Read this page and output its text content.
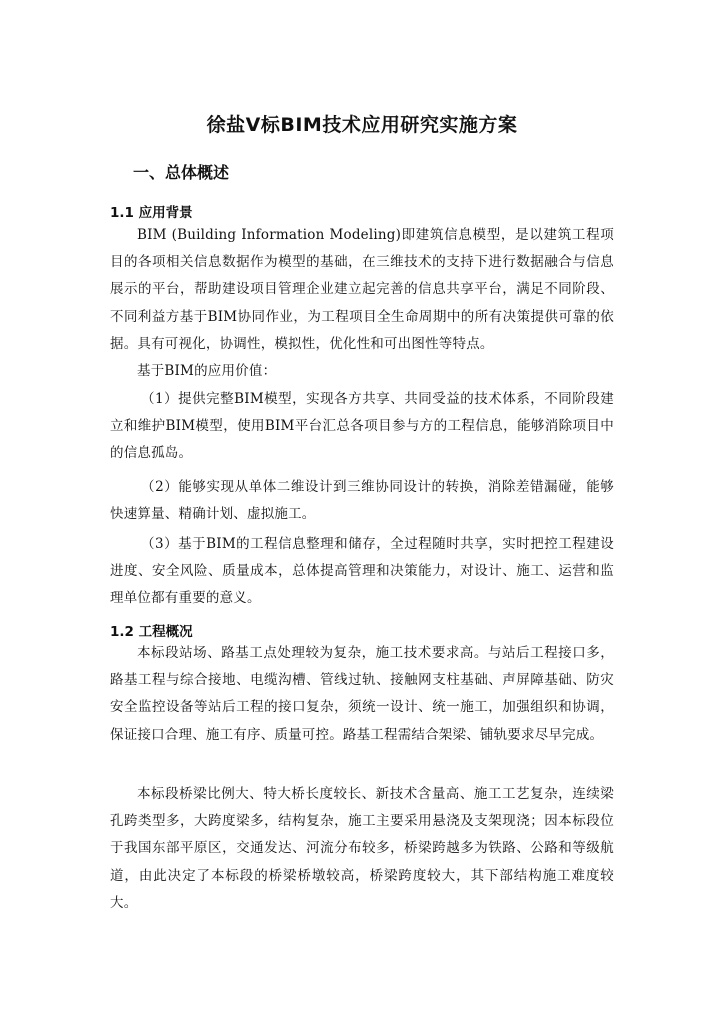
徐盐Ⅴ标BIM技术应用研究实施方案
一、总体概述
1.1 应用背景

BIM (Building Information Modeling)即建筑信息模型，是以建筑工程项目的各项相关信息数据作为模型的基础，在三维技术的支持下进行数据融合与信息展示的平台，帮助建设项目管理企业建立起完善的信息共享平台，满足不同阶段、不同利益方基于BIM协同作业，为工程项目全生命周期中的所有决策提供可靠的依据。具有可视化，协调性，模拟性，优化性和可出图性等特点。

基于BIM的应用价值：

（1）提供完整BIM模型，实现各方共享、共同受益的技术体系，不同阶段建立和维护BIM模型，使用BIM平台汇总各项目参与方的工程信息，能够消除项目中的信息孤岛。

（2）能够实现从单体二维设计到三维协同设计的转换，消除差错漏碰，能够快速算量、精确计划、虚拟施工。

（3）基于BIM的工程信息整理和储存，全过程随时共享，实时把控工程建设进度、安全风险、质量成本，总体提高管理和决策能力，对设计、施工、运营和监理单位都有重要的意义。

1.2 工程概况

本标段站场、路基工点处理较为复杂，施工技术要求高。与站后工程接口多，路基工程与综合接地、电缆沟槽、管线过轨、接触网支柱基础、声屏障基础、防灾安全监控设备等站后工程的接口复杂，须统一设计、统一施工，加强组织和协调，保证接口合理、施工有序、质量可控。路基工程需结合架梁、铺轨要求尽早完成。

本标段桥梁比例大、特大桥长度较长、新技术含量高、施工工艺复杂，连续梁孔跨类型多，大跨度梁多，结构复杂，施工主要采用悬浇及支架现浇；因本标段位于我国东部平原区，交通发达、河流分布较多，桥梁跨越多为铁路、公路和等级航道，由此决定了本标段的桥梁桥墩较高，桥梁跨度较大，其下部结构施工难度较大。
